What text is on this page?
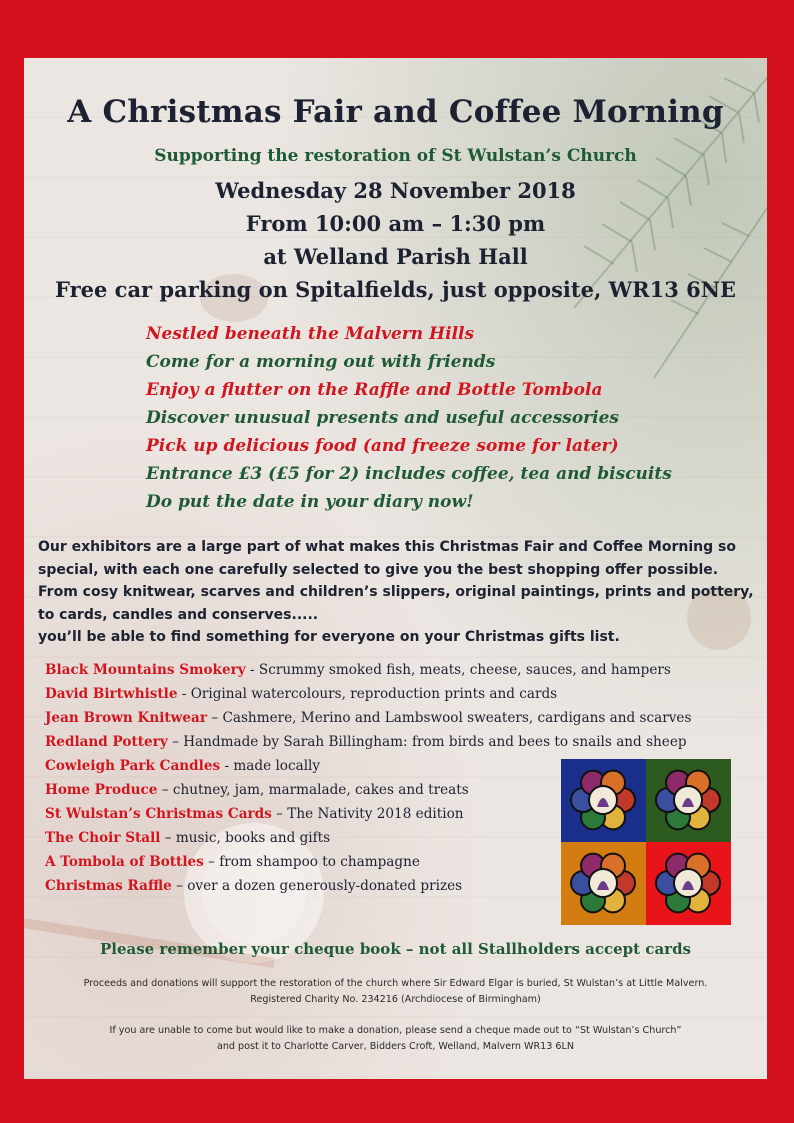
A Christmas Fair and Coffee Morning
Supporting the restoration of St Wulstan’s Church
Wednesday 28 November 2018
From 10:00 am – 1:30 pm
at Welland Parish Hall
Free car parking on Spitalfields, just opposite, WR13 6NE
Nestled beneath the Malvern Hills
Come for a morning out with friends
Enjoy a flutter on the Raffle and Bottle Tombola
Discover unusual presents and useful accessories
Pick up delicious food (and freeze some for later)
Entrance £3 (£5 for 2) includes coffee, tea and biscuits
Do put the date in your diary now!

Our exhibitors are a large part of what makes this Christmas Fair and Coffee Morning so

special, with each one carefully selected to give you the best shopping offer possible.

From cosy knitwear, scarves and children’s slippers, original paintings, prints and pottery,

to cards, candles and conserves.....

you’ll be able to find something for everyone on your Christmas gifts list.

Black Mountains Smokery - Scrummy smoked fish, meats, cheese, sauces, and hampers
David Birtwhistle - Original watercolours, reproduction prints and cards
Jean Brown Knitwear – Cashmere, Merino and Lambswool sweaters, cardigans and scarves
Redland Pottery – Handmade by Sarah Billingham: from birds and bees to snails and sheep
Cowleigh Park Candles - made locally
Home Produce – chutney, jam, marmalade, cakes and treats
St Wulstan’s Christmas Cards – The Nativity 2018 edition
The Choir Stall – music, books and gifts
A Tombola of Bottles – from shampoo to champagne
Christmas Raffle – over a dozen generously-donated prizes
Please remember your cheque book – not all Stallholders accept cards

Proceeds and donations will support the restoration of the church where Sir Edward Elgar is buried, St Wulstan’s at Little Malvern.

Registered Charity No. 234216 (Archdiocese of Birmingham)

If you are unable to come but would like to make a donation, please send a cheque made out to “St Wulstan’s Church”

and post it to Charlotte Carver, Bidders Croft, Welland, Malvern WR13 6LN
